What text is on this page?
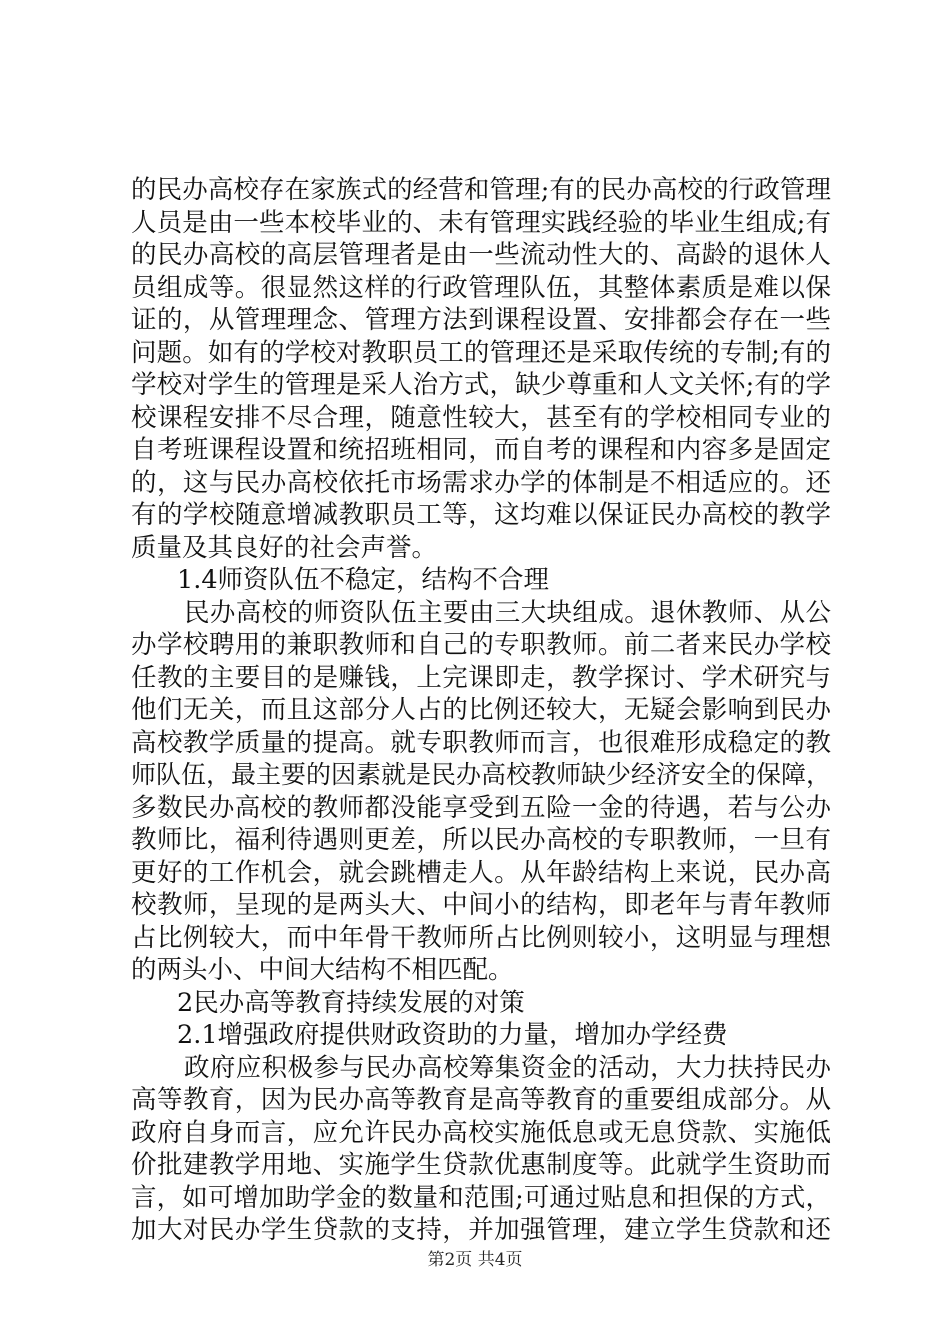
的民办高校存在家族式的经营和管理;有的民办高校的行政管理
人员是由一些本校毕业的、未有管理实践经验的毕业生组成;有
的民办高校的高层管理者是由一些流动性大的、高龄的退休人
员组成等。很显然这样的行政管理队伍，其整体素质是难以保
证的，从管理理念、管理方法到课程设置、安排都会存在一些
问题。如有的学校对教职员工的管理还是采取传统的专制;有的
学校对学生的管理是采人治方式，缺少尊重和人文关怀;有的学
校课程安排不尽合理，随意性较大，甚至有的学校相同专业的
自考班课程设置和统招班相同，而自考的课程和内容多是固定
的，这与民办高校依托市场需求办学的体制是不相适应的。还
有的学校随意增减教职员工等，这均难以保证民办高校的教学
质量及其良好的社会声誉。
1.4师资队伍不稳定，结构不合理
民办高校的师资队伍主要由三大块组成。退休教师、从公
办学校聘用的兼职教师和自己的专职教师。前二者来民办学校
任教的主要目的是赚钱，上完课即走，教学探讨、学术研究与
他们无关，而且这部分人占的比例还较大，无疑会影响到民办
高校教学质量的提高。就专职教师而言，也很难形成稳定的教
师队伍，最主要的因素就是民办高校教师缺少经济安全的保障，
多数民办高校的教师都没能享受到五险一金的待遇，若与公办
教师比，福利待遇则更差，所以民办高校的专职教师，一旦有
更好的工作机会，就会跳槽走人。从年龄结构上来说，民办高
校教师，呈现的是两头大、中间小的结构，即老年与青年教师
占比例较大，而中年骨干教师所占比例则较小，这明显与理想
的两头小、中间大结构不相匹配。
2民办高等教育持续发展的对策
2.1增强政府提供财政资助的力量，增加办学经费
政府应积极参与民办高校筹集资金的活动，大力扶持民办
高等教育，因为民办高等教育是高等教育的重要组成部分。从
政府自身而言，应允许民办高校实施低息或无息贷款、实施低
价批建教学用地、实施学生贷款优惠制度等。此就学生资助而
言，如可增加助学金的数量和范围;可通过贴息和担保的方式，
加大对民办学生贷款的支持，并加强管理，建立学生贷款和还
第2页 共4页
